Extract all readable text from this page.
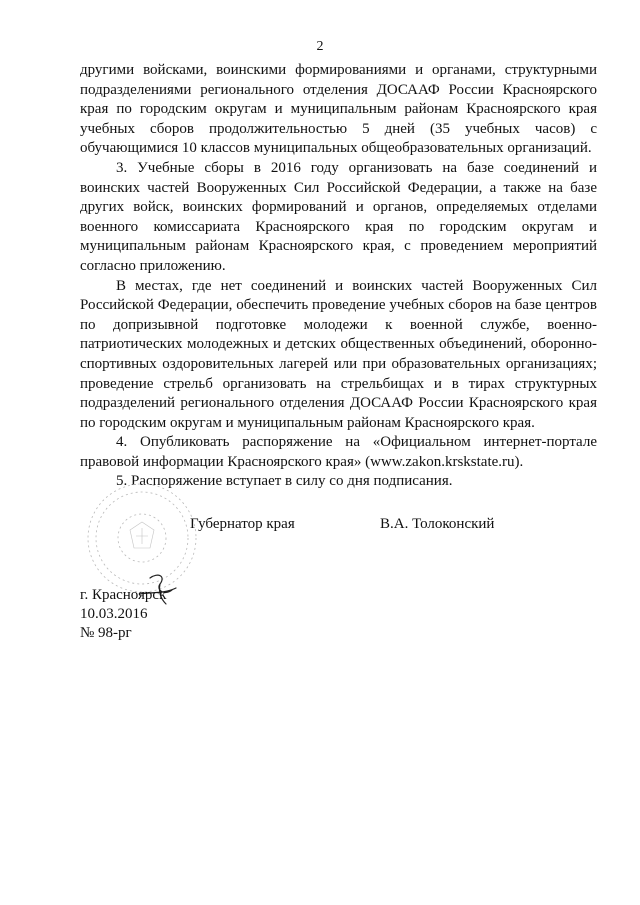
2

другими войсками, воинскими формированиями и органами, структурными подразделениями регионального отделения ДОСААФ России Красноярского края по городским округам и муниципальным районам Красноярского края учебных сборов продолжительностью 5 дней (35 учебных часов) с обучающимися 10 классов муниципальных общеобразовательных организаций.

3. Учебные сборы в 2016 году организовать на базе соединений и воинских частей Вооруженных Сил Российской Федерации, а также на базе других войск, воинских формирований и органов, определяемых отделами военного комиссариата Красноярского края по городским округам и муниципальным районам Красноярского края, с проведением мероприятий согласно приложению.

В местах, где нет соединений и воинских частей Вооруженных Сил Российской Федерации, обеспечить проведение учебных сборов на базе центров по допризывной подготовке молодежи к военной службе, военно-патриотических молодежных и детских общественных объединений, оборонно-спортивных оздоровительных лагерей или при образовательных организациях; проведение стрельб организовать на стрельбищах и в тирах структурных подразделений регионального отделения ДОСААФ России Красноярского края по городским округам и муниципальным районам Красноярского края.

4. Опубликовать распоряжение на «Официальном интернет-портале правовой информации Красноярского края» (www.zakon.krskstate.ru).

5. Распоряжение вступает в силу со дня подписания.

Губернатор края	В.А. Толоконский
г. Красноярск
10.03.2016
№ 98-рг
